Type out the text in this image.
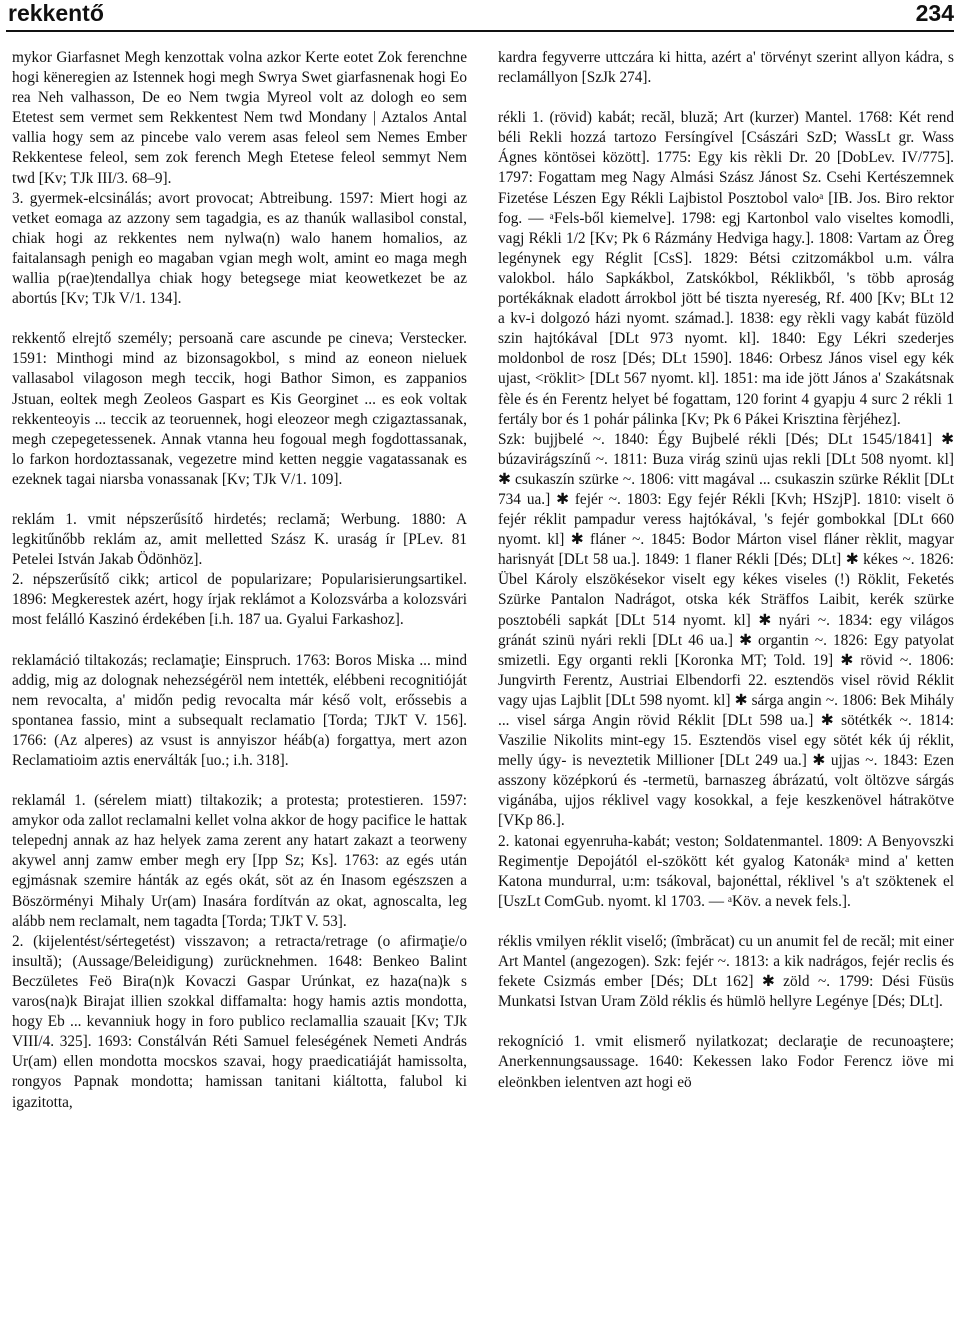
rekkentő	234

mykor Giarfasnet Megh kenzottak volna azkor Kerte eotet Zok ferenchne hogi këneregien az Istennek hogi megh Swrya Swet giarfasnenak hogi Eo rea Neh valhasson, De eo Nem twgia Myreol volt az dologh eo sem Etetest sem vermet sem Rekkentest Nem twd Mondany | Aztalos Antal vallia hogy sem az pincebe valo verem asas feleol sem Nemes Ember Rekkentese feleol, sem zok ferench Megh Etetese feleol semmyt Nem twd [Kv; TJk III/3. 68–9].

3. gyermek-elcsinálás; avort provocat; Abtreibung. 1597: Miert hogi az vetket eomaga az azzony sem tagadgia, es az thanúk wallasibol constal, chiak hogi az rekkentes nem nylwa(n) walo hanem homalios, az faitalansagh penigh eo magaban vgian megh wolt, amint eo maga megh wallia p(rae)tendallya chiak hogy betegsege miat keowetkezet be az abortús [Kv; TJk V/1. 134].

rekkentő elrejtő személy; persoană care ascunde pe cineva; Verstecker. 1591: Minthogi mind az bizonsagokbol, s mind az eoneon nieluek vallasabol vilagoson megh teccik, hogi Bathor Simon, es zappanios Jstuan, eoltek megh Zeoleos Gaspart es Kis Georginet ... es eok voltak rekkenteoyis ... teccik az teoruennek, hogi eleozeor megh czigaztassanak, megh czepegetessenek. Annak vtanna heu fogoual megh fogdottassanak, lo farkon hordoztassanak, vegezetre mind ketten neggie vagatassanak es ezeknek tagai niarsba vonassanak [Kv; TJk V/1. 109].

reklám 1. vmit népszerűsítő hirdetés; reclamă; Werbung. 1880: A legkitűnőbb reklám az, amit melletted Szász K. uraság ír [PLev. 81 Petelei István Jakab Ödönhöz].

2. népszerűsítő cikk; articol de popularizare; Popularisierungsartikel. 1896: Megkerestek azért, hogy írjak reklámot a Kolozsvárba a kolozsvári most felálló Kaszinó érdekében [i.h. 187 ua. Gyalui Farkashoz].

reklamáció tiltakozás; reclamaţie; Einspruch. 1763: Boros Miska ... mind addig, mig az dolognak nehezségéröl nem intették, elébbeni recognitióját nem revocalta, a' midőn pedig revocalta már késő volt, erőssebis a spontanea fassio, mint a subsequalt reclamatio [Torda; TJkT V. 156]. 1766: (Az alperes) az vsust is annyiszor héáb(a) forgattya, mert azon Reclamatioim aztis enerválták [uo.; i.h. 318].

reklamál 1. (sérelem miatt) tiltakozik; a protesta; protestieren. 1597: amykor oda zallot reclamalni kellet volna akkor de hogy pacifice le hattak telepednj annak az haz helyek zama zerent any hatart zakazt a teorweny akywel annj zamw ember megh ery [Ipp Sz; Ks]. 1763: az egés után egjmásnak szemire hánták az egés okát, söt az én Inasom egészszen a Böszörményi Mihaly Ur(am) Inasára fordítván az okat, agnoscalta, leg alább nem reclamalt, nem tagadta [Torda; TJkT V. 53].

2. (kijelentést/sértegetést) visszavon; a retracta/retrage (o afirmaţie/o insultă); (Aussage/Beleidigung) zurücknehmen. 1648: Benkeo Balint Beczületes Feö Bira(n)k Kovaczi Gaspar Urúnkat, ez haza(na)k s varos(na)k Birajat illien szokkal diffamalta: hogy hamis aztis mondotta, hogy Eb ... kevanniuk hogy in foro publico reclamallia szauait [Kv; TJk VIII/4. 325]. 1693: Constálván Réti Samuel feleségének Nemeti András Ur(am) ellen mondotta mocskos szavai, hogy praedicatiáját hamissolta, rongyos Papnak mondotta; hamissan tanitani kiáltotta, falubol ki igazitotta,

kardra fegyverre uttczára ki hitta, azért a' törvényt szerint allyon kádra, s reclamállyon [SzJk 274].

rékli 1. (rövid) kabát; recăl, bluză; Art (kurzer) Mantel. 1768: Két rend béli Rekli hozzá tartozo Fersíngível [Császári SzD; WassLt gr. Wass Ágnes köntösei között]. 1775: Egy kis rèkli Dr. 20 [DobLev. IV/775]. 1797: Fogattam meg Nagy Almási Szász Jánost Sz. Csehi Kertészemnek Fizetése Lészen Egy Rékli Lajbistol Posztobol valoᵃ [IB. Jos. Biro rektor fog. — ᵃFels-ből kiemelve]. 1798: egj Kartonbol valo viseltes komodli, vagj Rékli 1/2 [Kv; Pk 6 Rázmány Hedviga hagy.]. 1808: Vartam az Öreg legénynek egy Réglit [CsS]. 1829: Bétsi czitzomákbol u.m. válra valokbol. hálo Sapkákbol, Zatskókbol, Réklikből, 's több aproság portékáknak eladott árrokbol jött bé tiszta nyereség, Rf. 400 [Kv; BLt 12 a kv-i dolgozó házi nyomt. számad.]. 1838: egy rèkli vagy kabát füzöld szin hajtókával [DLt 973 nyomt. kl]. 1840: Egy Lékri szederjes moldonbol de rosz [Dés; DLt 1590]. 1846: Orbesz János visel egy kék ujast, <röklit> [DLt 567 nyomt. kl]. 1851: ma ide jött János a' Szakátsnak fèle és én Ferentz helyet bé fogattam, 120 forint 4 gyapju 4 surc 2 rékli 1 fertály bor és 1 pohár pálinka [Kv; Pk 6 Pákei Krisztina fèrjéhez].

Szk: bujjbelé ~. 1840: Égy Bujbelé rékli [Dés; DLt 1545/1841] ✱ búzavirágszínű ~. 1811: Buza virág szinü ujas rekli [DLt 508 nyomt. kl] ✱ csukaszín szürke ~. 1806: vitt magával ... csukaszin szürke Réklit [DLt 734 ua.] ✱ fejér ~. 1803: Egy fejér Rékli [Kvh; HSzjP]. 1810: viselt ö fejér réklit pampadur veress hajtókával, 's fejér gombokkal [DLt 660 nyomt. kl] ✱ fláner ~. 1845: Bodor Márton visel fláner rèklit, magyar harisnyát [DLt 58 ua.]. 1849: 1 flaner Rékli [Dés; DLt] ✱ kékes ~. 1826: Übel Károly elszökésekor viselt egy kékes viseles (!) Röklit, Feketés Szürke Pantalon Nadrágot, otska kék Sträffos Laibit, kerék szürke posztobéli sapkát [DLt 514 nyomt. kl] ✱ nyári ~. 1834: egy világos gránát szinü nyári rekli [DLt 46 ua.] ✱ organtin ~. 1826: Egy patyolat smizetli. Egy organti rekli [Koronka MT; Told. 19] ✱ rövid ~. 1806: Jungvirth Ferentz, Austriai Elbendorfi 22. esztendös visel rövid Réklit vagy ujas Lajblit [DLt 598 nyomt. kl] ✱ sárga angin ~. 1806: Bek Mihály ... visel sárga Angin rövid Réklit [DLt 598 ua.] ✱ sötétkék ~. 1814: Vaszilie Nikolits mint-egy 15. Esztendös visel egy sötét kék új réklit, melly úgy- is neveztetik Millioner [DLt 249 ua.] ✱ ujjas ~. 1843: Ezen asszony középkorú és -termetü, barnaszeg ábrázatú, volt öltözve sárgás vigánába, ujjos réklivel vagy kosokkal, a feje keszkenövel hátrakötve [VKp 86.].

2. katonai egyenruha-kabát; veston; Soldatenmantel. 1809: A Benyovszki Regimentje Depojától el-szökött két gyalog Katonákᵃ mind a' ketten Katona mundurral, u:m: tsákoval, bajonéttal, réklivel 's a't szöktenek el [UszLt ComGub. nyomt. kl 1703. — ᵃKöv. a nevek fels.].

réklis vmilyen réklit viselő; (îmbrăcat) cu un anumit fel de recăl; mit einer Art Mantel (angezogen). Szk: fejér ~. 1813: a kik nadrágos, fejér reclis és fekete Csizmás ember [Dés; DLt 162] ✱ zöld ~. 1799: Dési Füsüs Munkatsi Istvan Uram Zöld réklis és hümlö hellyre Legénye [Dés; DLt].

rekogníció 1. vmit elismerő nyilatkozat; declaraţie de recunoaştere; Anerkennungsaussage. 1640: Kekessen lako Fodor Ferencz iöve mi eleönkben ielentven azt hogi eö
